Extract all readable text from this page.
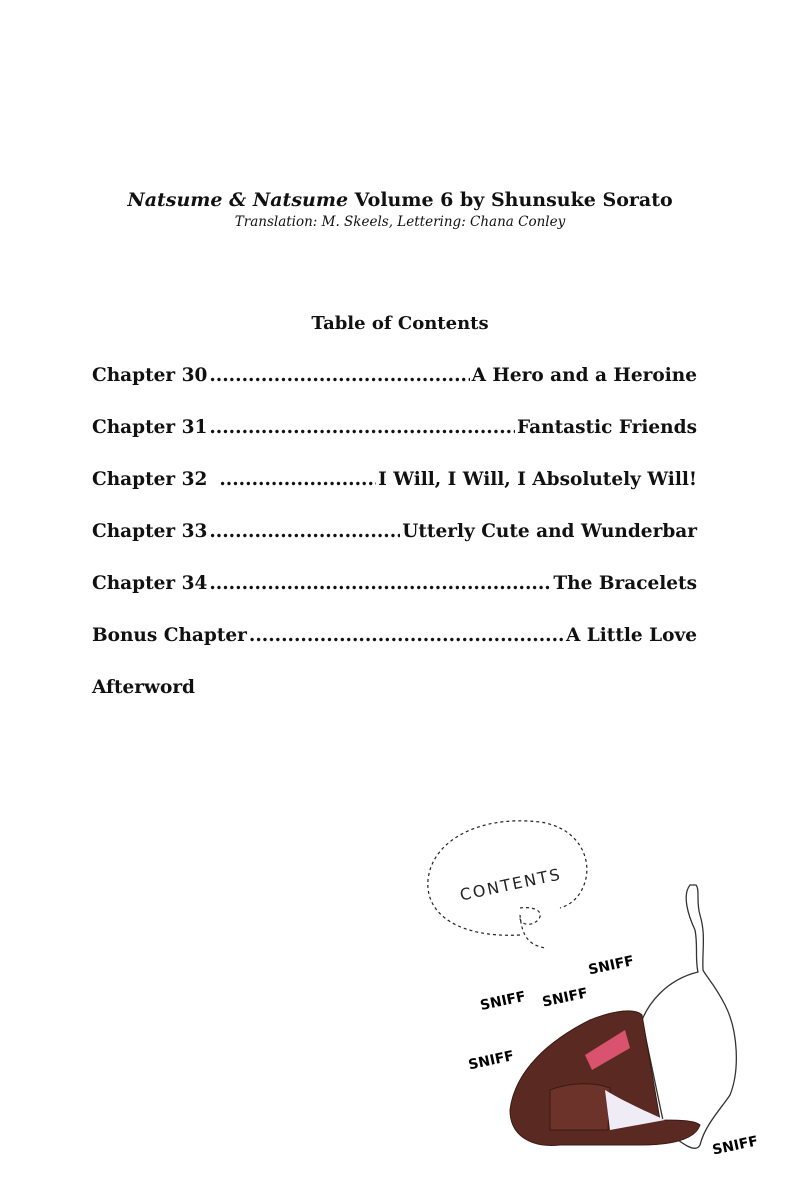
Natsume & Natsume Volume 6 by Shunsuke Sorato
Translation: M. Skeels, Lettering: Chana Conley
Table of Contents
Chapter 30 .....	A Hero and a Heroine
Chapter 31 .....	Fantastic Friends
Chapter 32 .....	I Will, I Will, I Absolutely Will!
Chapter 33 .....	Utterly Cute and Wunderbar
Chapter 34 .....	The Bracelets
Bonus Chapter .....	A Little Love
Afterword
CONTENTS
SNIFF
SNIFF SNIFF
SNIFF
SNIFF
